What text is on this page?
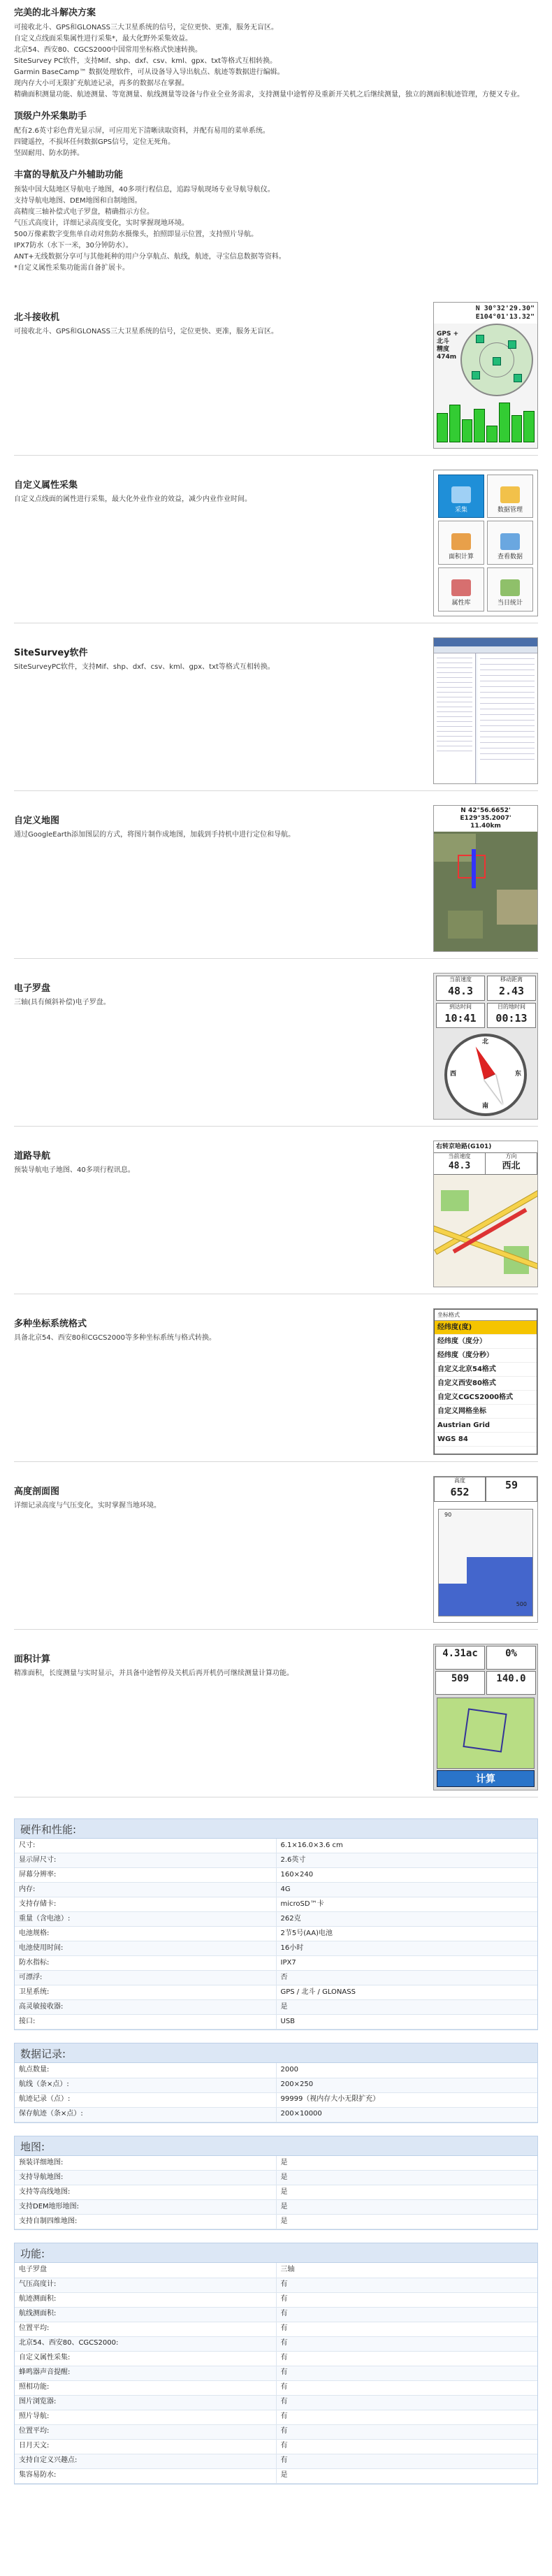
完美的北斗解决方案
可接收北斗、GPS和GLONASS三大卫星系统的信号，定位更快、更准，服务无盲区。
自定义点线面采集属性进行采集*，最大化野外采集效益。
北京54、西安80、CGCS2000中国常用坐标格式快速转换。
SiteSurvey PC软件，支持Mif、shp、dxf、csv、kml、gpx、txt等格式互相转换。
Garmin BaseCamp™ 数据处理软件，可从设备导入导出航点、航迹等数据进行编辑。
现内存大小可无限扩充航迹记录，再多的数据尽在掌握。
精确面积测量功能、航迹测量、等宽测量、航线测量等设备与作业全业务需求，支持测量中途暂停及重新开关机之后继续测量，独立的测面积航迹管理，方便又专业。
顶级户外采集助手
配有2.6英寸彩色背光显示屏，可应用光下清晰读取资料，并配有易用的菜单系统。
四键遥控，不损坏任何数据GPS信号，定位无死角。
坚固耐用、防水防摔。
丰富的导航及户外辅助功能
预装中国大陆地区导航电子地图，40多项行程信息，追踪导航现场专业导航导航仪。
支持导航电地图、DEM地图和自制地图。
高精度三轴补偿式电子罗盘，精确指示方位。
气压式高度计，详细记录高度变化，实时掌握现地环境。
500万像素数字变焦单自动对焦防水摄像头，拍照即显示位置，支持照片导航。
IPX7防水（水下一米，30分钟防水）。
ANT+无线数据分享可与其他耗种的用户分享航点、航线，航迹，寻宝信息数据等资料。
*自定义属性采集功能需自备扩展卡。
北斗接收机

可接收北斗、GPS和GLONASS三大卫星系统的信号，定位更快、更准，服务无盲区。

N 30°32'29.30"
E104°01'13.32"
GPS +
北斗
精度
474m
自定义属性采集

自定义点线面的属性进行采集，最大化外业作业的效益，减少内业作业时间。

采集	数据管理
面积计算	查看数据
属性库	当日统计
SiteSurvey软件

SiteSurveyPC软件，支持Mif、shp、dxf、csv、kml、gpx、txt等格式互相转换。

自定义地图

通过GoogleEarth添加图层的方式，将图片制作成地图，加载到手持机中进行定位和导航。

N 42°56.6652' E129°35.2007'
11.40km
电子罗盘

三轴(具有倾斜补偿)电子罗盘。

当前速度
48.3
移动距离
2.43
到达时间
10:41
目的地时间
00:13
北
东
南
西
道路导航

预装导航电子地图、40多项行程讯息。

右转京哈路(G101)
当前速度
48.3
方向
西北
多种坐标系统格式

具备北京54、西安80和CGCS2000等多种坐标系统与格式转换。

坐标格式
经纬度(度)
经纬度（度分）
经纬度（度分秒）
自定义北京54格式
自定义西安80格式
自定义CGCS2000格式
自定义网格坐标
Austrian Grid
WGS 84
高度剖面图

详细记录高度与气压变化，实时掌握当地环境。

高度
652
59
90
500
面积计算

精准面积，长度测量与实时显示，并具备中途暂停及关机后再开机仍可继续测量计算功能。

4.31ac	0%
509	140.0
计算
硬件和性能:
尺寸:	6.1×16.0×3.6 cm
显示屏尺寸:	2.6英寸
屏幕分辨率:	160×240
内存:	4G
支持存储卡:	microSD™卡
重量（含电池）:	262克
电池规格:	2节5号(AA)电池
电池使用时间:	16小时
防水指标:	IPX7
可漂浮:	否
卫星系统:	GPS / 北斗 / GLONASS
高灵敏接收器:	是
接口:	USB
数据记录:
航点数量:	2000
航线（条×点）:	200×250
航迹记录（点）:	99999（视内存大小无限扩充）
保存航迹（条×点）:	200×10000
地图:
预装详细地图:	是
支持导航地图:	是
支持等高线地图:	是
支持DEM地形地图:	是
支持自制四维地图:	是
功能:
电子罗盘	三轴
气压高度计:	有
航迹测面积:	有
航线测面积:	有
位置平均:	有
北京54、西安80、CGCS2000:	有
自定义属性采集:	有
蜂鸣器声音提醒:	有
照相功能:	有
图片浏览器:	有
照片导航:	有
位置平均:	有
日月天文:	有
支持自定义兴趣点:	有
集容易防水:	是
